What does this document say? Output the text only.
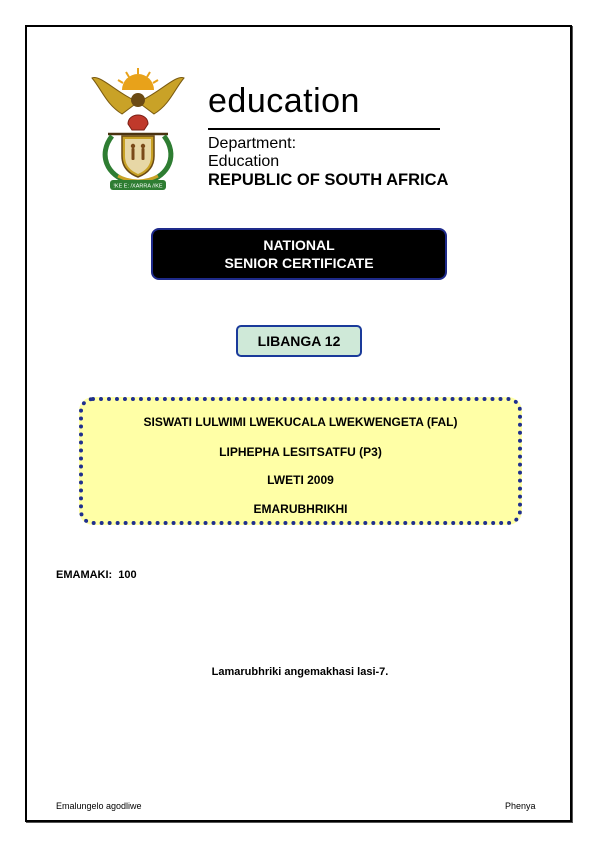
!KE E: /XARRA //KE
education
Department:
Education
REPUBLIC OF SOUTH AFRICA
NATIONAL
SENIOR CERTIFICATE
LIBANGA 12
SISWATI LULWIMI LWEKUCALA LWEKWENGETA (FAL)
LIPHEPHA LESITSATFU (P3)
LWETI 2009
EMARUBHRIKHI
EMAMAKI: 100
Lamarubhriki angemakhasi lasi-7.
Emalungelo agodliwe	Phenya
